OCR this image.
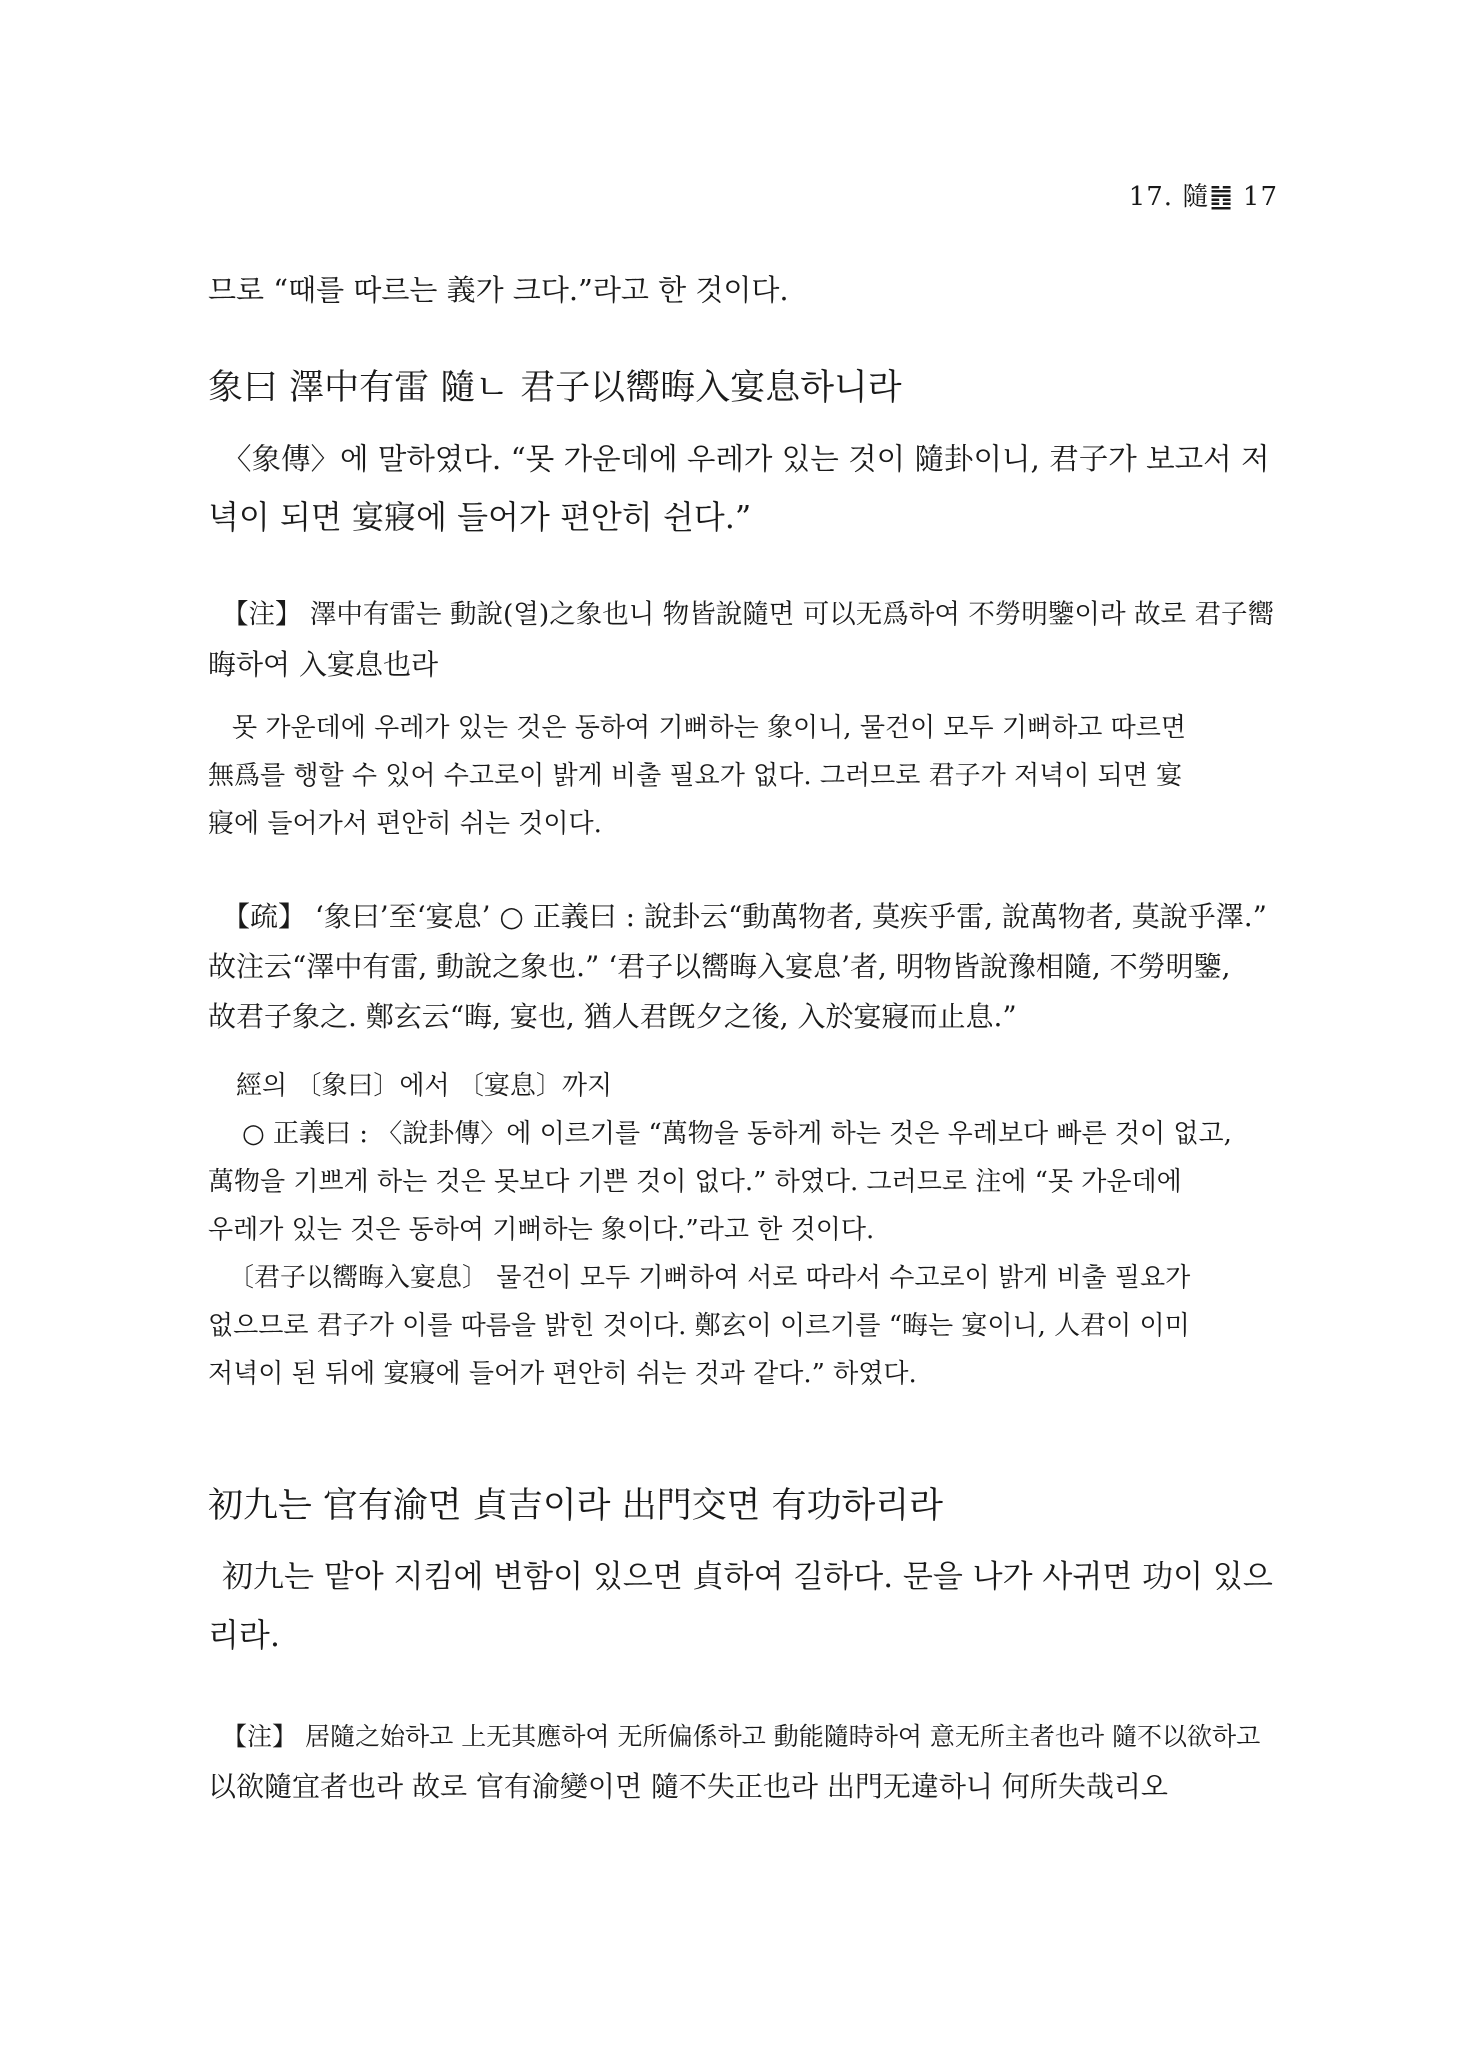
17. 隨䷐ 17
므로 “때를 따르는 義가 크다.”라고 한 것이다.
象曰 澤中有雷 隨ㄴ 君子以嚮晦入宴息하니라
〈象傳〉에 말하였다. “못 가운데에 우레가 있는 것이 隨卦이니, 君子가 보고서 저
녁이 되면 宴寢에 들어가 편안히 쉰다.”
【注】 澤中有雷는 動說(열)之象也니 物皆說隨면 可以无爲하여 不勞明鑒이라 故로 君子嚮
晦하여 入宴息也라
못 가운데에 우레가 있는 것은 동하여 기뻐하는 象이니, 물건이 모두 기뻐하고 따르면
無爲를 행할 수 있어 수고로이 밝게 비출 필요가 없다. 그러므로 君子가 저녁이 되면 宴
寢에 들어가서 편안히 쉬는 것이다.
【疏】 ‘象曰’至‘宴息’ ○ 正義曰 : 說卦云“動萬物者, 莫疾乎雷, 說萬物者, 莫說乎澤.”
故注云“澤中有雷, 動說之象也.” ‘君子以嚮晦入宴息’者, 明物皆說豫相隨, 不勞明鑒,
故君子象之. 鄭玄云“晦, 宴也, 猶人君旣夕之後, 入於宴寢而止息.”
經의 〔象曰〕에서 〔宴息〕까지
○ 正義曰 : 〈說卦傳〉에 이르기를 “萬物을 동하게 하는 것은 우레보다 빠른 것이 없고,
萬物을 기쁘게 하는 것은 못보다 기쁜 것이 없다.” 하였다. 그러므로 注에 “못 가운데에
우레가 있는 것은 동하여 기뻐하는 象이다.”라고 한 것이다.
〔君子以嚮晦入宴息〕 물건이 모두 기뻐하여 서로 따라서 수고로이 밝게 비출 필요가
없으므로 君子가 이를 따름을 밝힌 것이다. 鄭玄이 이르기를 “晦는 宴이니, 人君이 이미
저녁이 된 뒤에 宴寢에 들어가 편안히 쉬는 것과 같다.” 하였다.
初九는 官有渝면 貞吉이라 出門交면 有功하리라
初九는 맡아 지킴에 변함이 있으면 貞하여 길하다. 문을 나가 사귀면 功이 있으
리라.
【注】 居隨之始하고 上无其應하여 无所偏係하고 動能隨時하여 意无所主者也라 隨不以欲하고
以欲隨宜者也라 故로 官有渝變이면 隨不失正也라 出門无違하니 何所失哉리오
